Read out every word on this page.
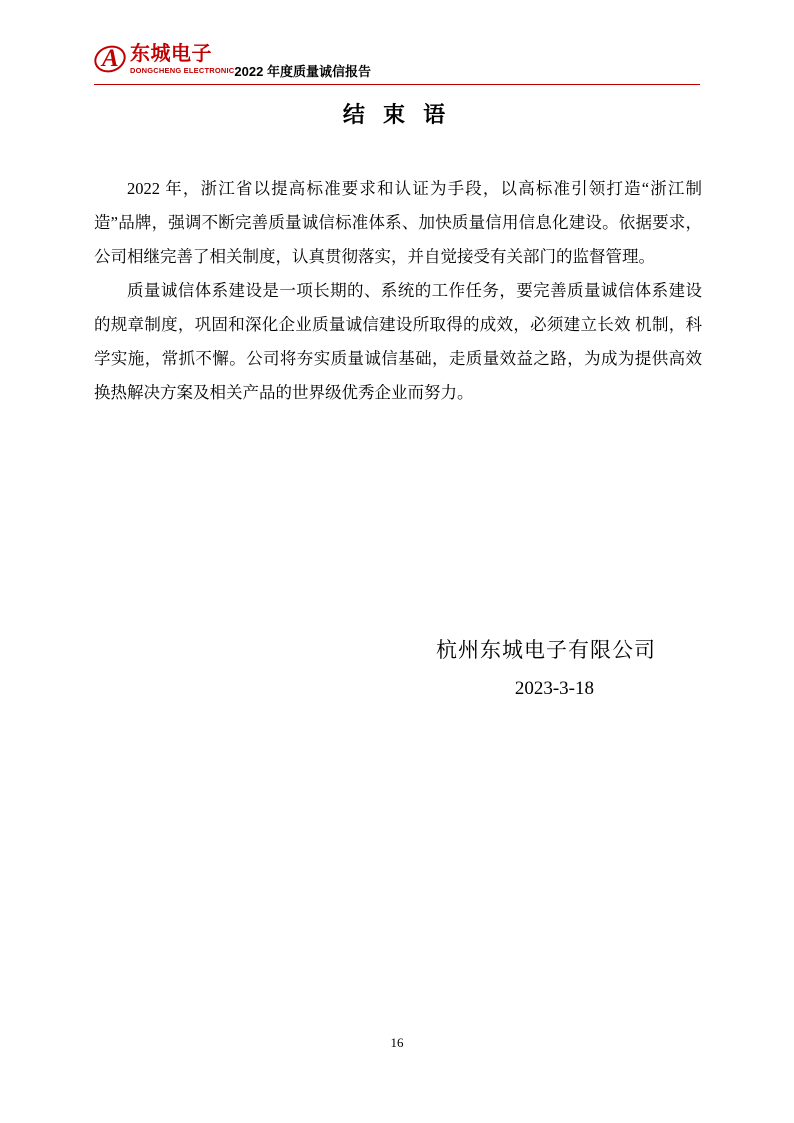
A 东城电子
DONGCHENG ELECTRONIC 2022 年度质量诚信报告
结 束 语

2022 年，浙江省以提高标准要求和认证为手段，以高标准引领打造“浙江制造”品牌，强调不断完善质量诚信标准体系、加快质量信用信息化建设。依据要求，公司相继完善了相关制度，认真贯彻落实，并自觉接受有关部门的监督管理。

质量诚信体系建设是一项长期的、系统的工作任务，要完善质量诚信体系建设的规章制度，巩固和深化企业质量诚信建设所取得的成效，必须建立长效 机制，科学实施，常抓不懈。公司将夯实质量诚信基础，走质量效益之路，为成为提供高效换热解决方案及相关产品的世界级优秀企业而努力。

杭州东城电子有限公司
2023-3-18
16
